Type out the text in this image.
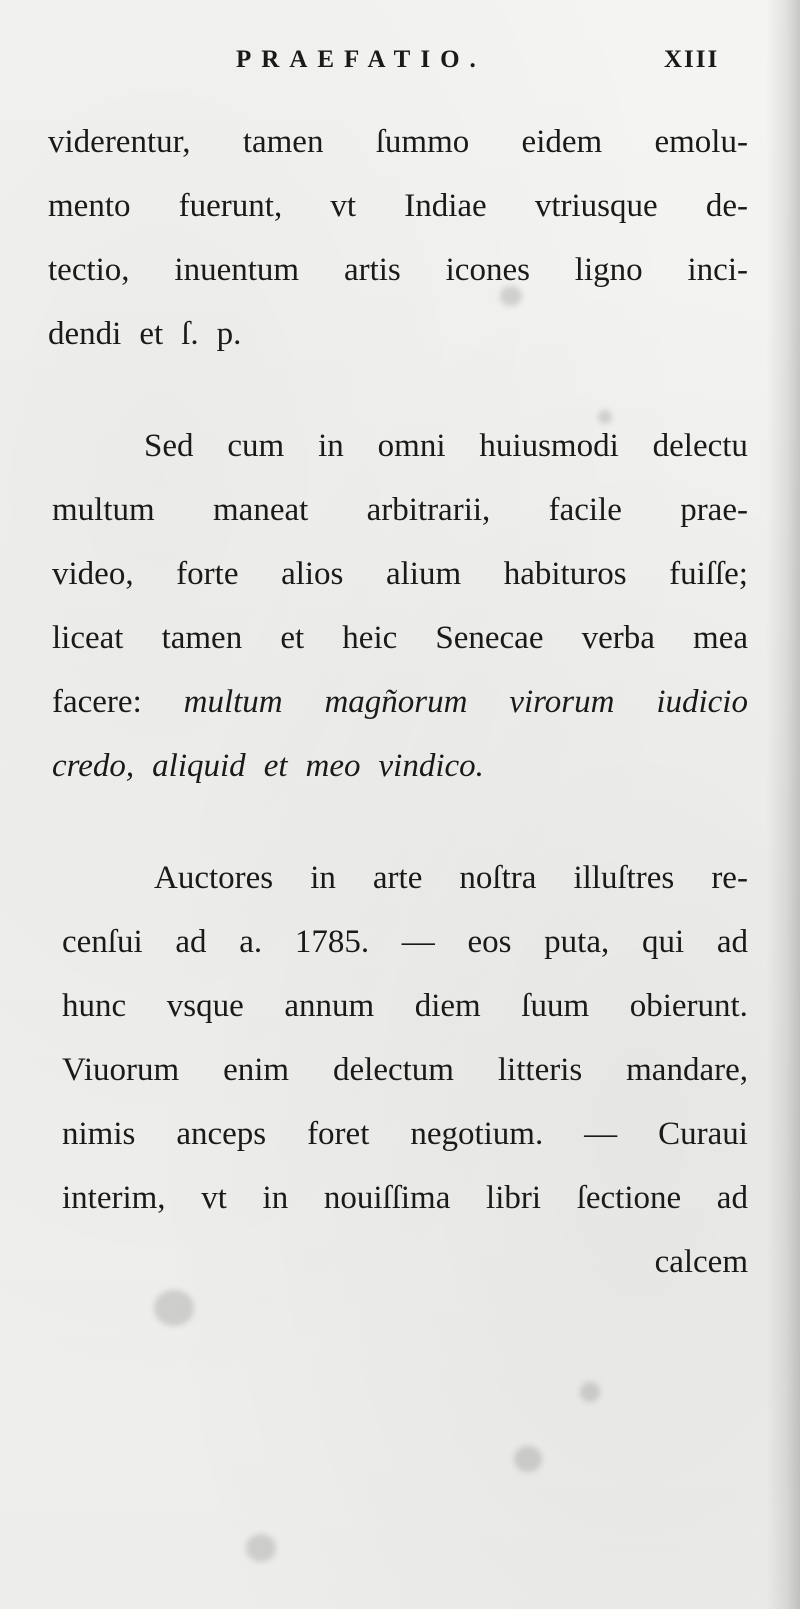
PRAEFATIO.	XIII
viderentur, tamen ſummo eidem emolu-
mento fuerunt, vt Indiae vtriusque de-
tectio, inuentum artis icones ligno inci-
dendi et ſ. p.
Sed cum in omni huiusmodi delectu
multum maneat arbitrarii, facile prae-
video, forte alios alium habituros fuiſſe;
liceat tamen et heic Senecae verba mea
facere: multum magñorum virorum iudicio
credo, aliquid et meo vindico.
Auctores in arte noſtra illuſtres re-
cenſui ad a. 1785. — eos puta, qui ad
hunc vsque annum diem ſuum obierunt.
Viuorum enim delectum litteris mandare,
nimis anceps foret negotium. — Curaui
interim, vt in nouiſſima libri ſectione ad
calcem
